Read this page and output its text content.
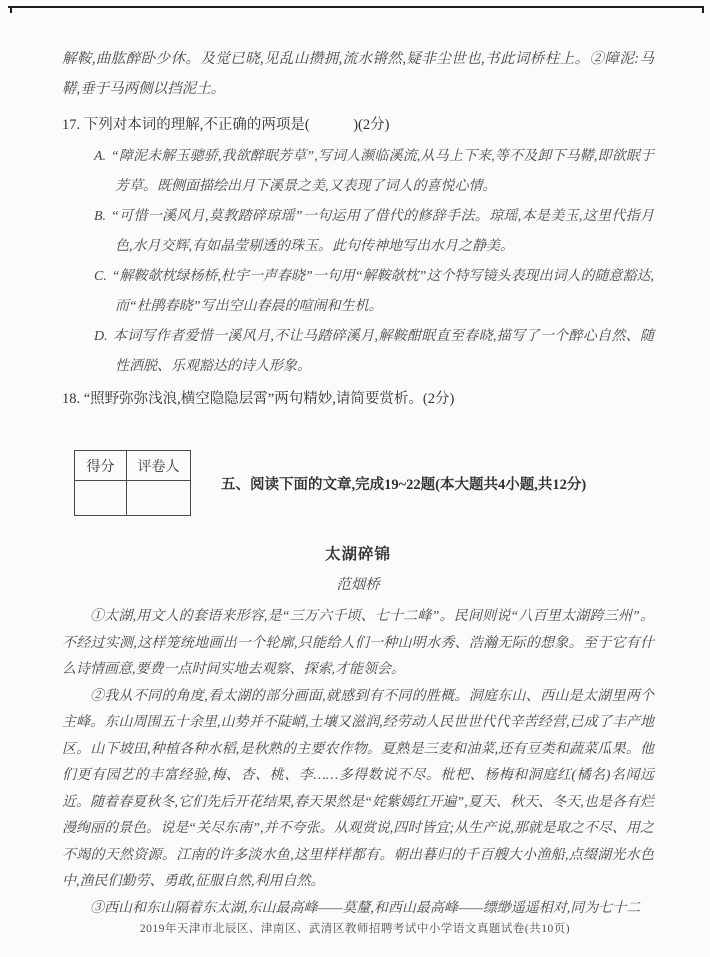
解鞍,曲肱醉卧少休。及觉已晓,见乱山攒拥,流水锵然,疑非尘世也,书此词桥柱上。②障泥:马鞯,垂于马两侧以挡泥土。

17. 下列对本词的理解,不正确的两项是(　　　)(2分)

A. “障泥未解玉骢骄,我欲醉眠芳草”,写词人濒临溪流,从马上下来,等不及卸下马鞯,即欲眠于芳草。既侧面描绘出月下溪景之美,又表现了词人的喜悦心情。

B. “可惜一溪风月,莫教踏碎琼瑶”一句运用了借代的修辞手法。琼瑶,本是美玉,这里代指月色,水月交辉,有如晶莹剔透的珠玉。此句传神地写出水月之静美。

C. “解鞍欹枕绿杨桥,杜宇一声春晓”一句用“解鞍欹枕”这个特写镜头表现出词人的随意豁达,而“杜鹃春晓”写出空山春晨的喧闹和生机。

D. 本词写作者爱惜一溪风月,不让马踏碎溪月,解鞍酣眠直至春晓,描写了一个醉心自然、随性洒脱、乐观豁达的诗人形象。

18. “照野弥弥浅浪,横空隐隐层霄”两句精妙,请简要赏析。(2分)

得分	评卷人

五、阅读下面的文章,完成19~22题(本大题共4小题,共12分)
太湖碎锦
范烟桥

①太湖,用文人的套语来形容,是“三万六千顷、七十二峰”。民间则说“八百里太湖跨三州”。不经过实测,这样笼统地画出一个轮廓,只能给人们一种山明水秀、浩瀚无际的想象。至于它有什么诗情画意,要费一点时间实地去观察、探索,才能领会。

②我从不同的角度,看太湖的部分画面,就感到有不同的胜概。洞庭东山、西山是太湖里两个主峰。东山周围五十余里,山势并不陡峭,土壤又滋润,经劳动人民世世代代辛苦经营,已成了丰产地区。山下坡田,种植各种水稻,是秋熟的主要农作物。夏熟是三麦和油菜,还有豆类和蔬菜瓜果。他们更有园艺的丰富经验,梅、杏、桃、李……多得数说不尽。枇杷、杨梅和洞庭红(橘名)名闻远近。随着春夏秋冬,它们先后开花结果,春天果然是“姹紫嫣红开遍”,夏天、秋天、冬天,也是各有烂漫绚丽的景色。说是“关尽东南”,并不夸张。从观赏说,四时皆宜;从生产说,那就是取之不尽、用之不竭的天然资源。江南的许多淡水鱼,这里样样都有。朝出暮归的千百艘大小渔船,点缀湖光水色中,渔民们勤劳、勇敢,征服自然,利用自然。

③西山和东山隔着东太湖,东山最高峰——莫釐,和西山最高峰——缥缈遥遥相对,同为七十二

2019年天津市北辰区、津南区、武清区教师招聘考试中小学语文真题试卷(共10页)
